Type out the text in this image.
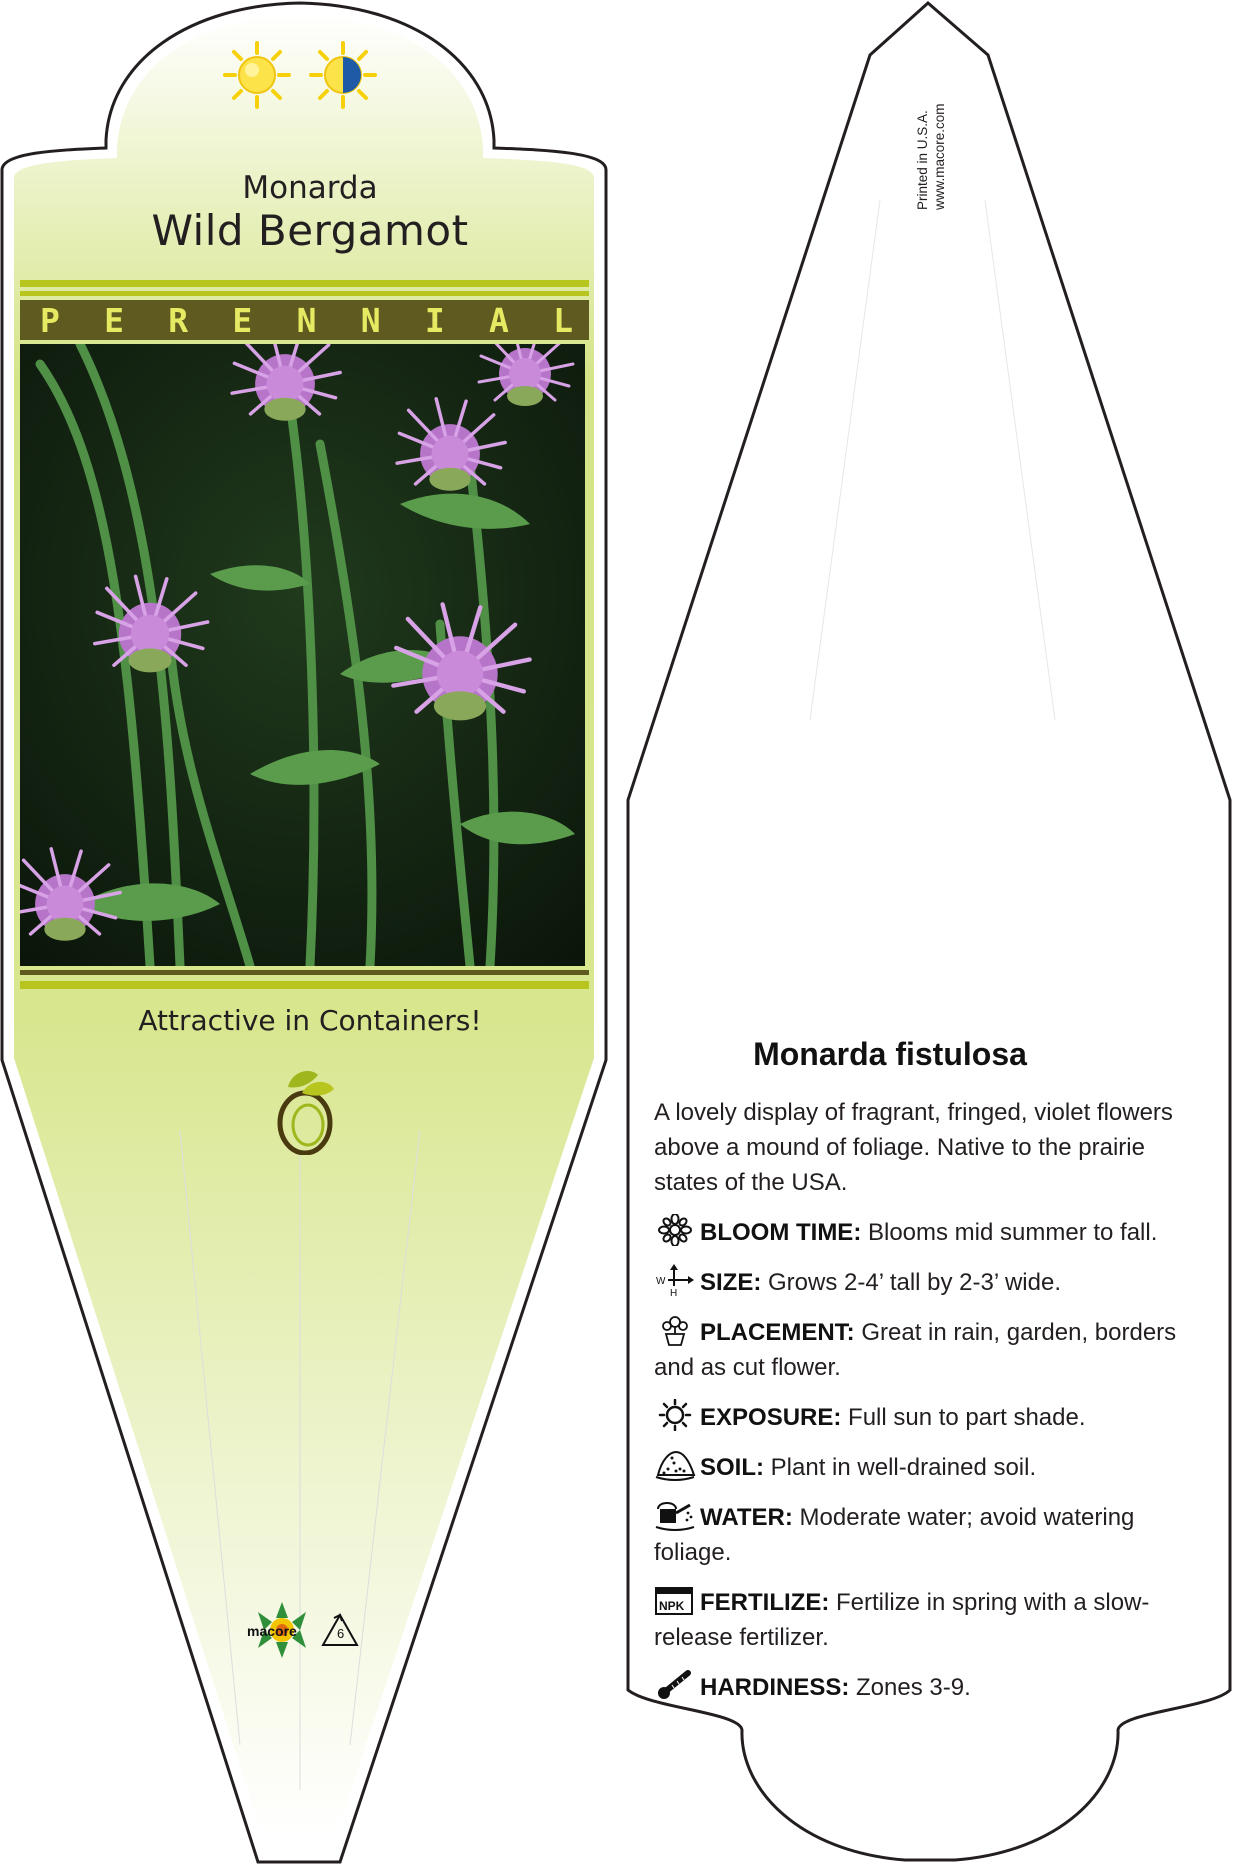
Monarda
Wild Bergamot
P E R E N N I A L
Attractive in Containers!
macore	6
Printed in U.S.A. www.macore.com
Monarda fistulosa

A lovely display of fragrant, fringed, violet flowers above a mound of foliage. Native to the prairie states of the USA.

BLOOM TIME: Blooms mid summer to fall.
W
H SIZE: Grows 2-4’ tall by 2-3’ wide.
PLACEMENT: Great in rain, garden, borders and as cut flower.
EXPOSURE: Full sun to part shade.
SOIL: Plant in well-drained soil.
WATER: Moderate water; avoid watering foliage.
NPK FERTILIZE: Fertilize in spring with a slow-release fertilizer.
HARDINESS: Zones 3-9.
